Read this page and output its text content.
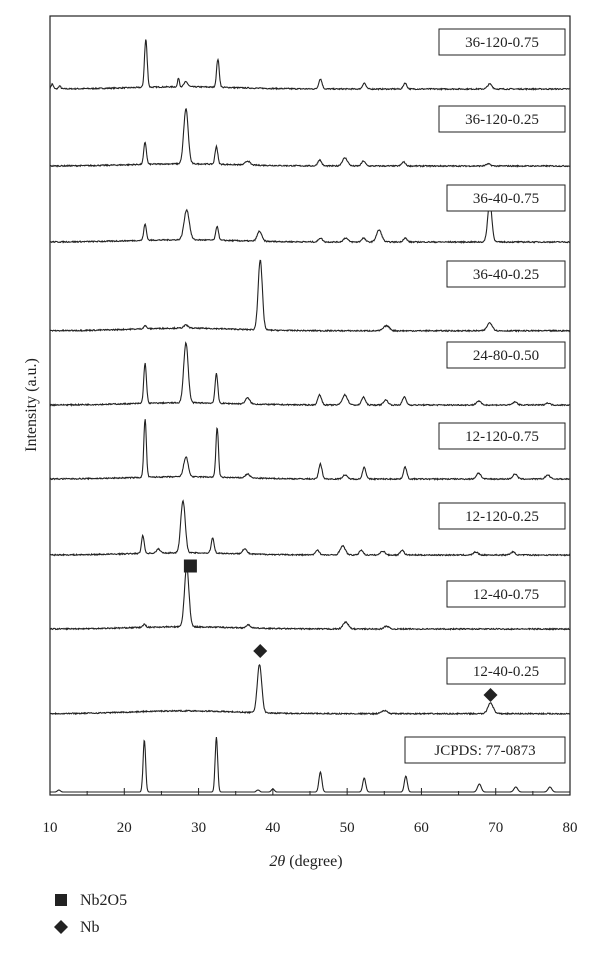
36-120-0.75
36-120-0.25
36-40-0.75
36-40-0.25
24-80-0.50
12-120-0.75
12-120-0.25
12-40-0.75
12-40-0.25
JCPDS: 77-0873
10	20	30	40	50	60	70	80
2θ (degree)
Intensity (a.u.)
Nb2O5
Nb
